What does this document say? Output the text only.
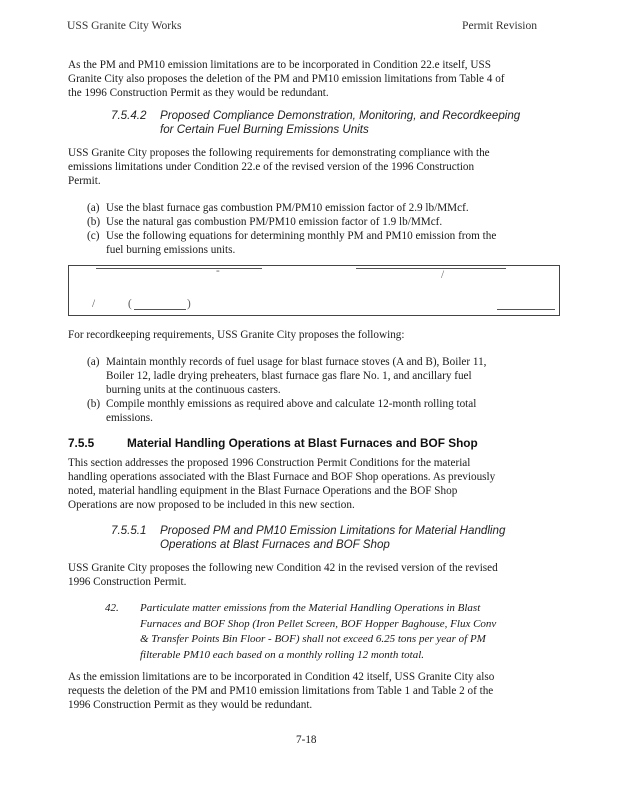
USS Granite City Works	Permit Revision
As the PM and PM10 emission limitations are to be incorporated in Condition 22.e itself, USS
Granite City also proposes the deletion of the PM and PM10 emission limitations from Table 4 of
the 1996 Construction Permit as they would be redundant.
7.5.4.2 Proposed Compliance Demonstration, Monitoring, and Recordkeeping
for Certain Fuel Burning Emissions Units
USS Granite City proposes the following requirements for demonstrating compliance with the
emissions limitations under Condition 22.e of the revised version of the 1996 Construction
Permit.
(a) Use the blast furnace gas combustion PM/PM10 emission factor of 2.9 lb/MMcf.
(b) Use the natural gas combustion PM/PM10 emission factor of 1.9 lb/MMcf.
(c) Use the following equations for determining monthly PM and PM10 emission from the
fuel burning emissions units.
-	/
/	(	)
For recordkeeping requirements, USS Granite City proposes the following:
(a) Maintain monthly records of fuel usage for blast furnace stoves (A and B), Boiler 11,
Boiler 12, ladle drying preheaters, blast furnace gas flare No. 1, and ancillary fuel
burning units at the continuous casters.
(b) Compile monthly emissions as required above and calculate 12-month rolling total
emissions.
7.5.5	Material Handling Operations at Blast Furnaces and BOF Shop
This section addresses the proposed 1996 Construction Permit Conditions for the material
handling operations associated with the Blast Furnace and BOF Shop operations. As previously
noted, material handling equipment in the Blast Furnace Operations and the BOF Shop
Operations are now proposed to be included in this new section.
7.5.5.1 Proposed PM and PM10 Emission Limitations for Material Handling
Operations at Blast Furnaces and BOF Shop
USS Granite City proposes the following new Condition 42 in the revised version of the revised
1996 Construction Permit.
42. Particulate matter emissions from the Material Handling Operations in Blast
Furnaces and BOF Shop (Iron Pellet Screen, BOF Hopper Baghouse, Flux Conv
& Transfer Points Bin Floor - BOF) shall not exceed 6.25 tons per year of PM
filterable PM10 each based on a monthly rolling 12 month total.
As the emission limitations are to be incorporated in Condition 42 itself, USS Granite City also
requests the deletion of the PM and PM10 emission limitations from Table 1 and Table 2 of the
1996 Construction Permit as they would be redundant.
7-18
